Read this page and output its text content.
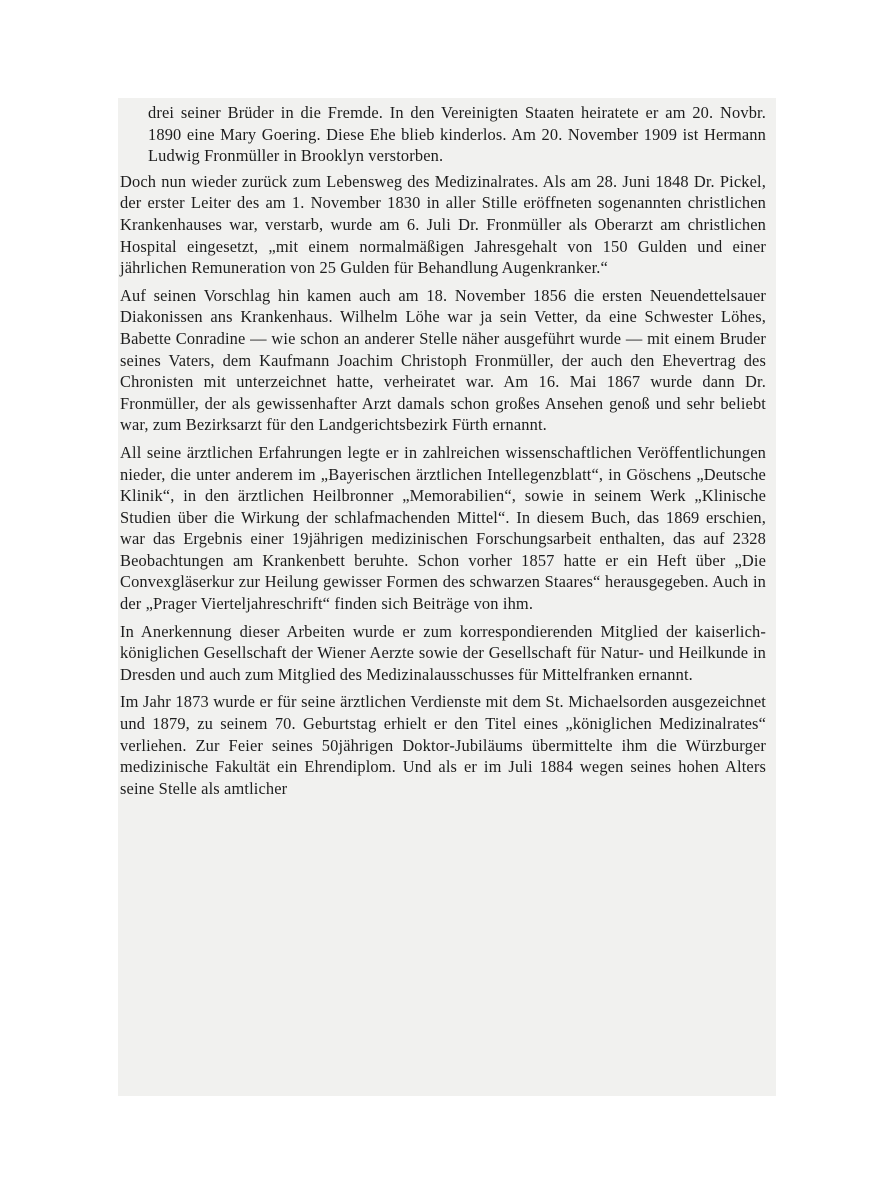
drei seiner Brüder in die Fremde. In den Vereinigten Staaten heiratete er am 20. Novbr. 1890 eine Mary Goering. Diese Ehe blieb kinderlos. Am 20. November 1909 ist Hermann Ludwig Fronmüller in Brooklyn verstorben.

Doch nun wieder zurück zum Lebensweg des Medizinalrates. Als am 28. Juni 1848 Dr. Pickel, der erster Leiter des am 1. November 1830 in aller Stille eröffneten sogenannten christlichen Krankenhauses war, verstarb, wurde am 6. Juli Dr. Fronmüller als Oberarzt am christlichen Hospital eingesetzt, „mit einem normalmäßigen Jahresgehalt von 150 Gulden und einer jährlichen Remuneration von 25 Gulden für Behandlung Augenkranker.“

Auf seinen Vorschlag hin kamen auch am 18. November 1856 die ersten Neuendettelsauer Diakonissen ans Krankenhaus. Wilhelm Löhe war ja sein Vetter, da eine Schwester Löhes, Babette Conradine — wie schon an anderer Stelle näher ausgeführt wurde — mit einem Bruder seines Vaters, dem Kaufmann Joachim Christoph Fronmüller, der auch den Ehevertrag des Chronisten mit unterzeichnet hatte, verheiratet war. Am 16. Mai 1867 wurde dann Dr. Fronmüller, der als gewissenhafter Arzt damals schon großes Ansehen genoß und sehr beliebt war, zum Bezirksarzt für den Landgerichtsbezirk Fürth ernannt.

All seine ärztlichen Erfahrungen legte er in zahlreichen wissenschaftlichen Veröffentlichungen nieder, die unter anderem im „Bayerischen ärztlichen Intellegenzblatt“, in Göschens „Deutsche Klinik“, in den ärztlichen Heilbronner „Memorabilien“, sowie in seinem Werk „Klinische Studien über die Wirkung der schlafmachenden Mittel“. In diesem Buch, das 1869 erschien, war das Ergebnis einer 19jährigen medizinischen Forschungsarbeit enthalten, das auf 2328 Beobachtungen am Krankenbett beruhte. Schon vorher 1857 hatte er ein Heft über „Die Convexgläserkur zur Heilung gewisser Formen des schwarzen Staares“ herausgegeben. Auch in der „Prager Vierteljahreschrift“ finden sich Beiträge von ihm.

In Anerkennung dieser Arbeiten wurde er zum korrespondierenden Mitglied der kaiserlich-königlichen Gesellschaft der Wiener Aerzte sowie der Gesellschaft für Natur- und Heilkunde in Dresden und auch zum Mitglied des Medizinalausschusses für Mittelfranken ernannt.

Im Jahr 1873 wurde er für seine ärztlichen Verdienste mit dem St. Michaelsorden ausgezeichnet und 1879, zu seinem 70. Geburtstag erhielt er den Titel eines „königlichen Medizinalrates“ verliehen. Zur Feier seines 50jährigen Doktor-Jubiläums übermittelte ihm die Würzburger medizinische Fakultät ein Ehrendiplom. Und als er im Juli 1884 wegen seines hohen Alters seine Stelle als amtlicher
